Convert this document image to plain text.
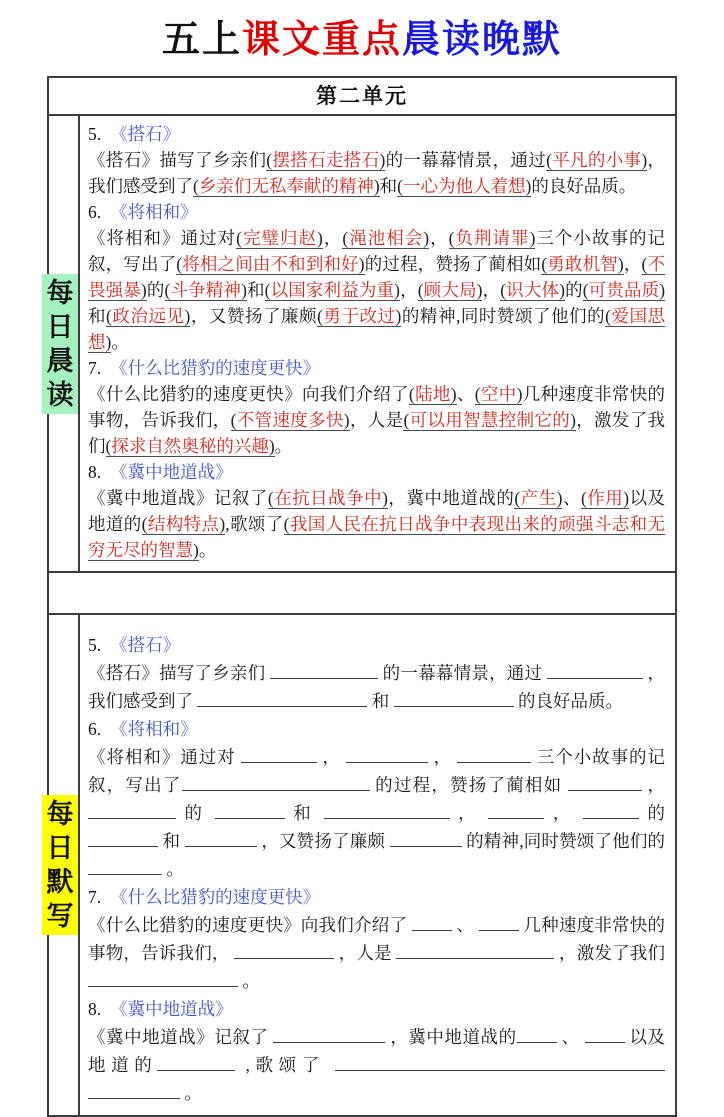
五上课文重点晨读晚默
第二单元
每日晨读
5. 《搭石》
《搭石》描写了乡亲们(摆搭石走搭石)的一幕幕情景，通过(平凡的小事)，我们感受到了(乡亲们无私奉献的精神)和(一心为他人着想)的良好品质。
6. 《将相和》
《将相和》通过对(完璧归赵)，(渑池相会)，(负荆请罪)三个小故事的记叙，写出了(将相之间由不和到和好)的过程，赞扬了蔺相如(勇敢机智)，(不畏强暴)的(斗争精神)和(以国家利益为重)，(顾大局)，(识大体)的(可贵品质)和(政治远见)，又赞扬了廉颇(勇于改过)的精神,同时赞颂了他们的(爱国思想)。
7. 《什么比猎豹的速度更快》
《什么比猎豹的速度更快》向我们介绍了(陆地)、(空中)几种速度非常快的事物，告诉我们，(不管速度多快)，人是(可以用智慧控制它的)，激发了我们(探求自然奥秘的兴趣)。
8. 《冀中地道战》
《冀中地道战》记叙了(在抗日战争中)，冀中地道战的(产生)、(作用)以及地道的(结构特点),歌颂了(我国人民在抗日战争中表现出来的顽强斗志和无穷无尽的智慧)。
每日默写
5. 《搭石》
《搭石》描写了乡亲们	的一幕幕情景，通过	，我们感受到了	和	的良好品质。
6. 《将相和》
《将相和》通过对	，	，	三个小故事的记叙，写出了	的过程，赞扬了蔺相如	，  的	和	，	，	的  和	，又赞扬了廉颇	的精神,同时赞颂了他们的 。
7. 《什么比猎豹的速度更快》
《什么比猎豹的速度更快》向我们介绍了  、  几种速度非常快的事物，告诉我们，	，人是	，激发了我们  。
8. 《冀中地道战》
《冀中地道战》记叙了	，冀中地道战的 、  以及地道的	,歌颂了   。
